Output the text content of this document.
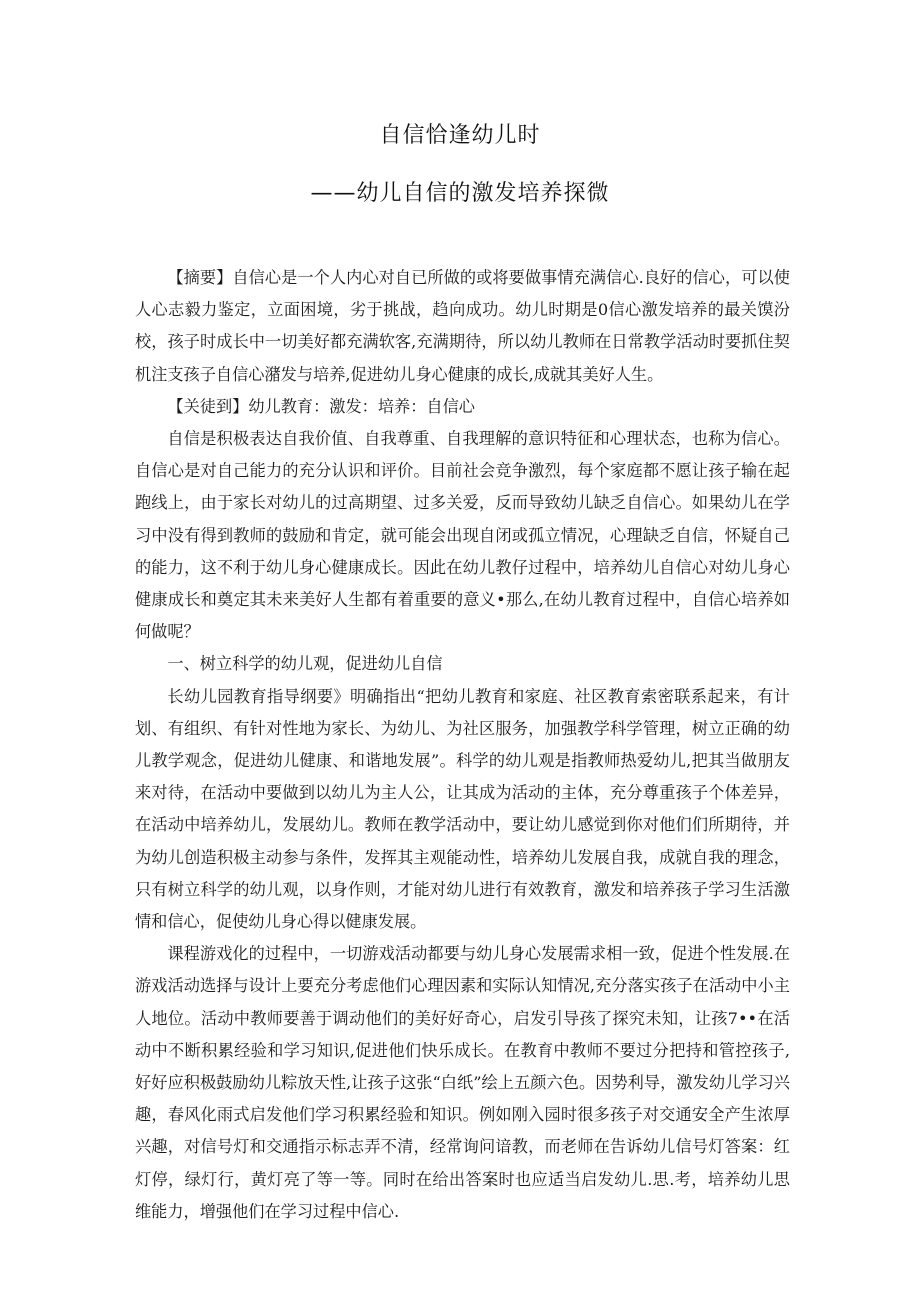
自信恰逢幼儿时
——幼儿自信的激发培养探微

【摘要】自信心是一个人内心对自已所做的或将要做事情充满信心.良好的信心，可以使人心志毅力鉴定，立面困境，劣于挑战，趋向成功。幼儿时期是0信心激发培养的最关馍汾校，孩子时成长中一切美好都充满软客,充满期待，所以幼儿教师在日常教学活动时要抓住契机注支孩子自信心潴发与培养,促进幼儿身心健康的成长,成就其美好人生。

【关徒到】幼儿教育：激发：培养：自信心

自信是积极表达自我价值、自我尊重、自我理解的意识特征和心理状态，也称为信心。自信心是对自己能力的充分认识和评价。目前社会竞争激烈，每个家庭都不愿让孩子输在起跑线上，由于家长对幼儿的过高期望、过多关爱，反而导致幼儿缺乏自信心。如果幼儿在学习中没有得到教师的鼓励和肯定，就可能会出现自闭或孤立情况，心理缺乏自信，怀疑自己的能力，这不利于幼儿身心健康成长。因此在幼儿教仔过程中，培养幼儿自信心对幼儿身心健康成长和奠定其未来美好人生都有着重要的意义•那么,在幼儿教育过程中，自信心培养如何做呢？

一、树立科学的幼儿观，促进幼儿自信

长幼儿园教育指导纲要》明确指出“把幼儿教育和家庭、社区教育索密联系起来，有计划、有组织、有针对性地为家长、为幼儿、为社区服务，加强教学科学管理，树立正确的幼儿教学观念，促进幼儿健康、和谐地发展”。科学的幼儿观是指教师热爱幼儿,把其当做朋友来对待，在活动中要做到以幼儿为主人公，让其成为活动的主体，充分尊重孩子个体差异，在活动中培养幼儿，发展幼儿。教师在教学活动中，要让幼儿感觉到你对他们们所期待，并为幼儿创造积极主动参与条件，发挥其主观能动性，培养幼儿发展自我，成就自我的理念，只有树立科学的幼儿观，以身作则，才能对幼儿进行有效教育，激发和培养孩子学习生活激情和信心，促使幼儿身心得以健康发展。

课程游戏化的过程中，一切游戏活动都要与幼儿身心发展需求相一致，促进个性发展.在游戏活动选择与设计上要充分考虑他们心理因素和实际认知情况,充分落实孩子在活动中小主人地位。活动中教师要善于调动他们的美好好奇心，启发引导孩了探究未知，让孩7••在活动中不断积累经验和学习知识,促进他们快乐成长。在教育中教师不要过分把持和管控孩子,好好应积极鼓励幼儿粽放天性,让孩子这张“白纸”绘上五颜六色。因势利导，激发幼儿学习兴趣，春风化雨式启发他们学习积累经验和知识。例如刚入园时很多孩子对交通安全产生浓厚兴趣，对信号灯和交通指示标志弄不清，经常询问谙教，而老师在告诉幼儿信号灯答案：红灯停，绿灯行，黄灯亮了等一等。同时在给出答案时也应适当启发幼儿.思.考，培养幼儿思维能力，增强他们在学习过程中信心.
